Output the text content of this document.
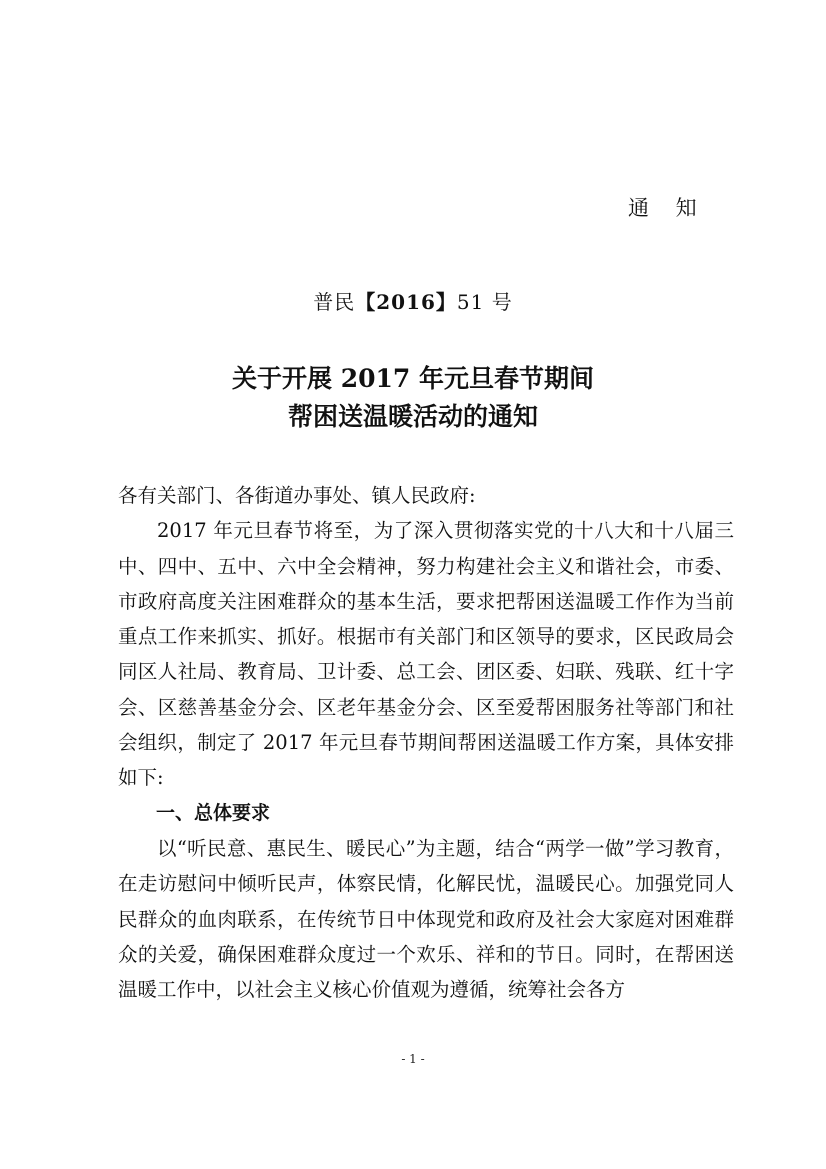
通 知
普民【2016】51 号
关于开展 2017 年元旦春节期间
帮困送温暖活动的通知

各有关部门、各街道办事处、镇人民政府:

2017 年元旦春节将至，为了深入贯彻落实党的十八大和十八届三中、四中、五中、六中全会精神，努力构建社会主义和谐社会，市委、市政府高度关注困难群众的基本生活，要求把帮困送温暖工作作为当前重点工作来抓实、抓好。根据市有关部门和区领导的要求，区民政局会同区人社局、教育局、卫计委、总工会、团区委、妇联、残联、红十字会、区慈善基金分会、区老年基金分会、区至爱帮困服务社等部门和社会组织，制定了 2017 年元旦春节期间帮困送温暖工作方案，具体安排如下:

一、总体要求

以“听民意、惠民生、暖民心”为主题，结合“两学一做”学习教育，在走访慰问中倾听民声，体察民情，化解民忧，温暖民心。加强党同人民群众的血肉联系，在传统节日中体现党和政府及社会大家庭对困难群众的关爱，确保困难群众度过一个欢乐、祥和的节日。同时，在帮困送温暖工作中，以社会主义核心价值观为遵循，统筹社会各方

- 1 -
